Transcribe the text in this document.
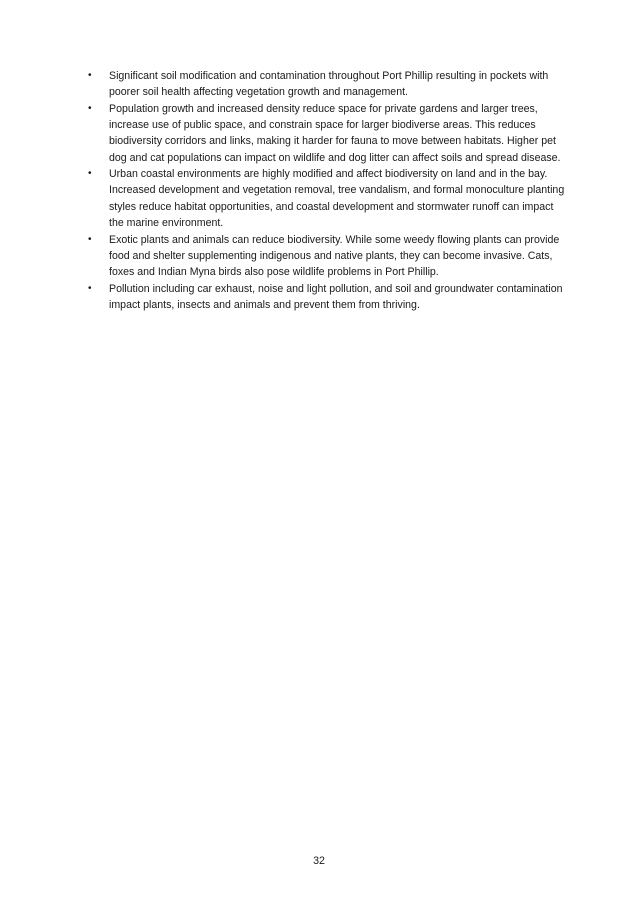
•	Significant soil modification and contamination throughout Port Phillip resulting in pockets with poorer soil health affecting vegetation growth and management.
•	Population growth and increased density reduce space for private gardens and larger trees, increase use of public space, and constrain space for larger biodiverse areas. This reduces biodiversity corridors and links, making it harder for fauna to move between habitats. Higher pet dog and cat populations can impact on wildlife and dog litter can affect soils and spread disease.
•	Urban coastal environments are highly modified and affect biodiversity on land and in the bay. Increased development and vegetation removal, tree vandalism, and formal monoculture planting styles reduce habitat opportunities, and coastal development and stormwater runoff can impact the marine environment.
•	Exotic plants and animals can reduce biodiversity. While some weedy flowing plants can provide food and shelter supplementing indigenous and native plants, they can become invasive. Cats, foxes and Indian Myna birds also pose wildlife problems in Port Phillip.
•	Pollution including car exhaust, noise and light pollution, and soil and groundwater contamination impact plants, insects and animals and prevent them from thriving.
32
